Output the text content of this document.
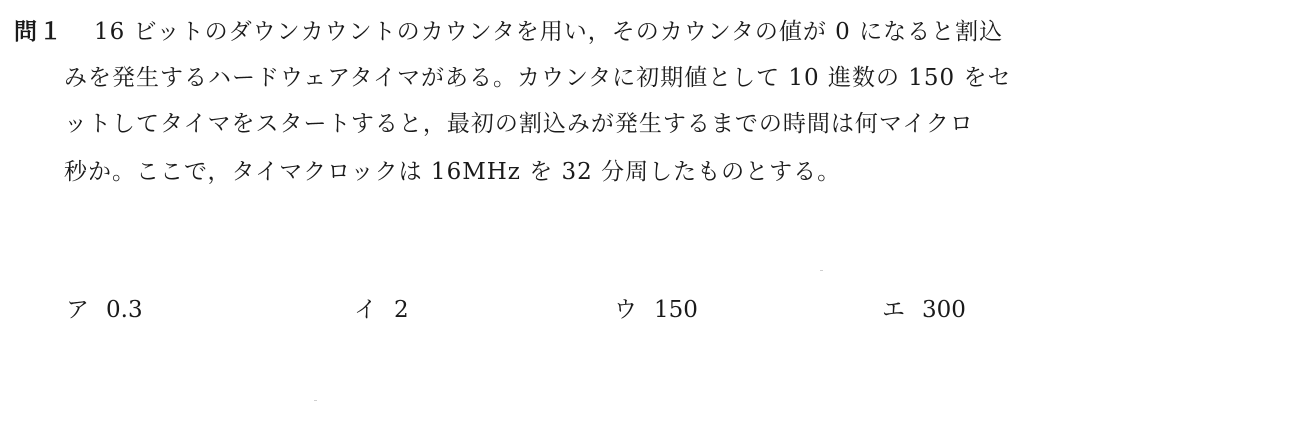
問１ 16 ビットのダウンカウントのカウンタを用い，そのカウンタの値が 0 になると割込
みを発生するハードウェアタイマがある。カウンタに初期値として 10 進数の 150 をセ
ットしてタイマをスタートすると，最初の割込みが発生するまでの時間は何マイクロ
秒か。ここで，タイマクロックは 16MHz を 32 分周したものとする。
ア 0.3	イ 2	ウ 150	エ 300
